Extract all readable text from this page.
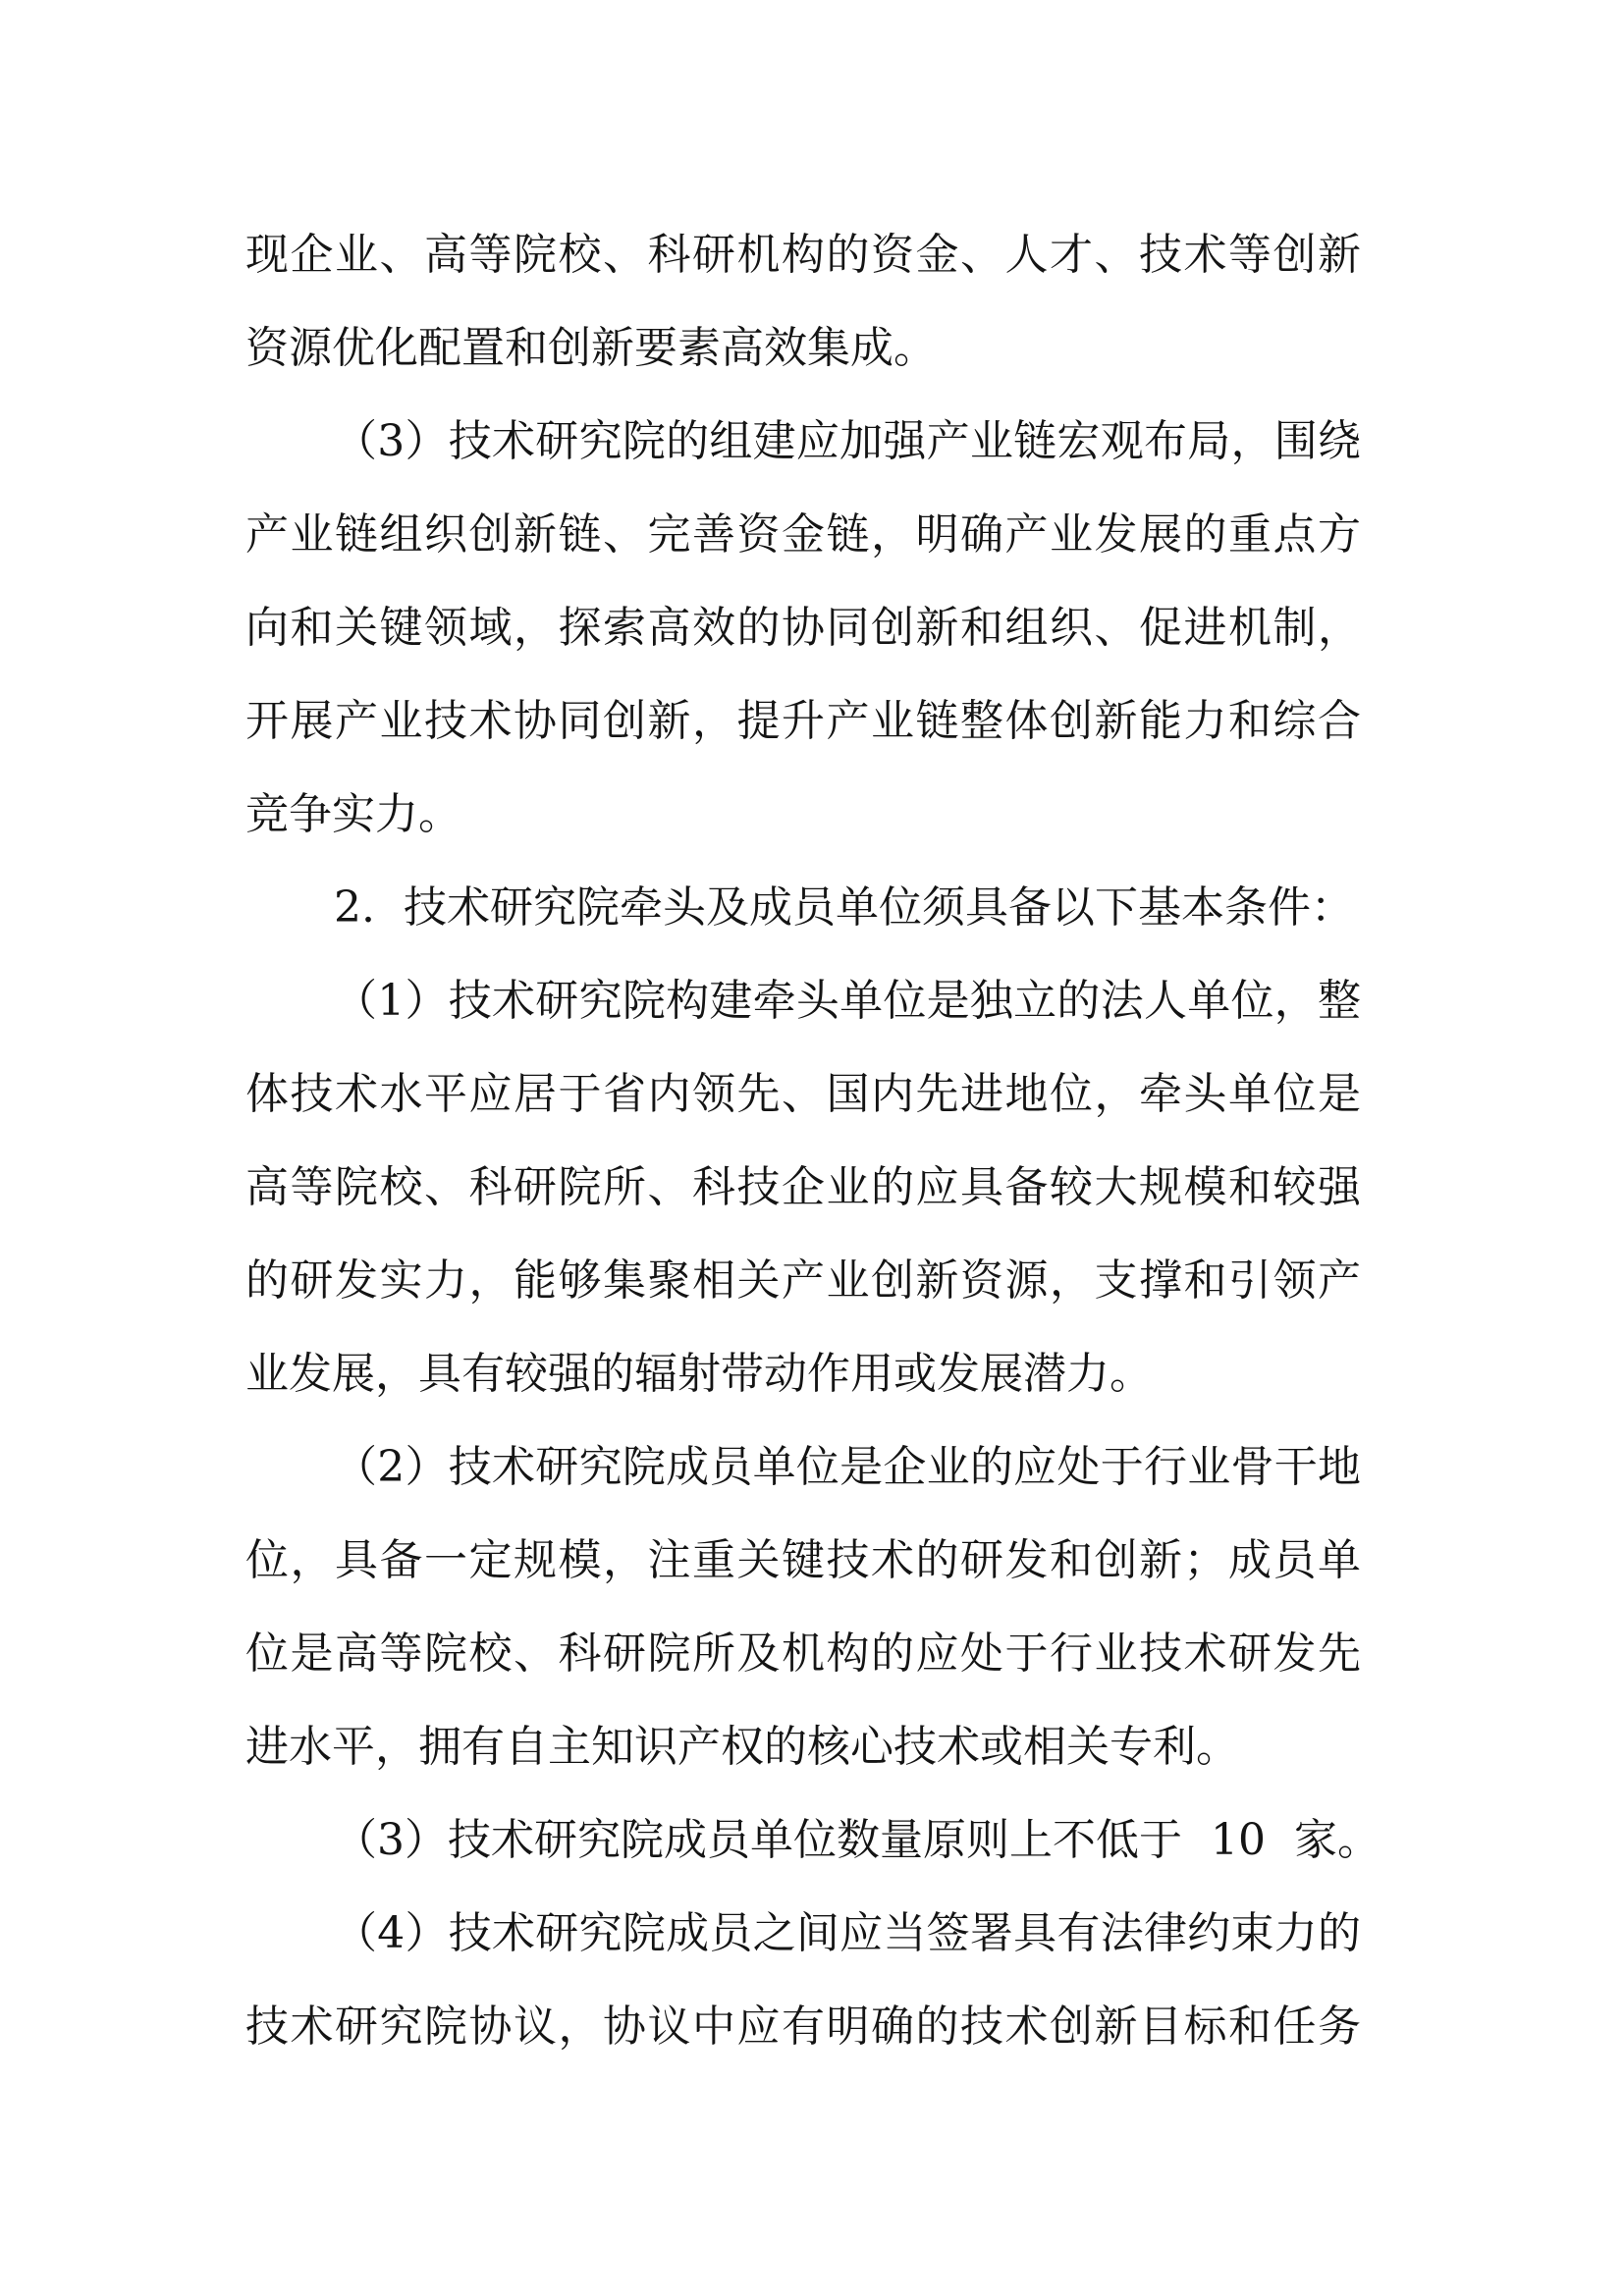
现企业、高等院校、科研机构的资金、人才、技术等创新
资源优化配置和创新要素高效集成。
（3）技术研究院的组建应加强产业链宏观布局，围绕
产业链组织创新链、完善资金链，明确产业发展的重点方
向和关键领域，探索高效的协同创新和组织、促进机制，
开展产业技术协同创新，提升产业链整体创新能力和综合
竞争实力。
2. 技术研究院牵头及成员单位须具备以下基本条件：
（1）技术研究院构建牵头单位是独立的法人单位，整
体技术水平应居于省内领先、国内先进地位，牵头单位是
高等院校、科研院所、科技企业的应具备较大规模和较强
的研发实力，能够集聚相关产业创新资源，支撑和引领产
业发展，具有较强的辐射带动作用或发展潜力。
（2）技术研究院成员单位是企业的应处于行业骨干地
位，具备一定规模，注重关键技术的研发和创新；成员单
位是高等院校、科研院所及机构的应处于行业技术研发先
进水平，拥有自主知识产权的核心技术或相关专利。
（3）技术研究院成员单位数量原则上不低于 10 家。
（4）技术研究院成员之间应当签署具有法律约束力的
技术研究院协议，协议中应有明确的技术创新目标和任务
